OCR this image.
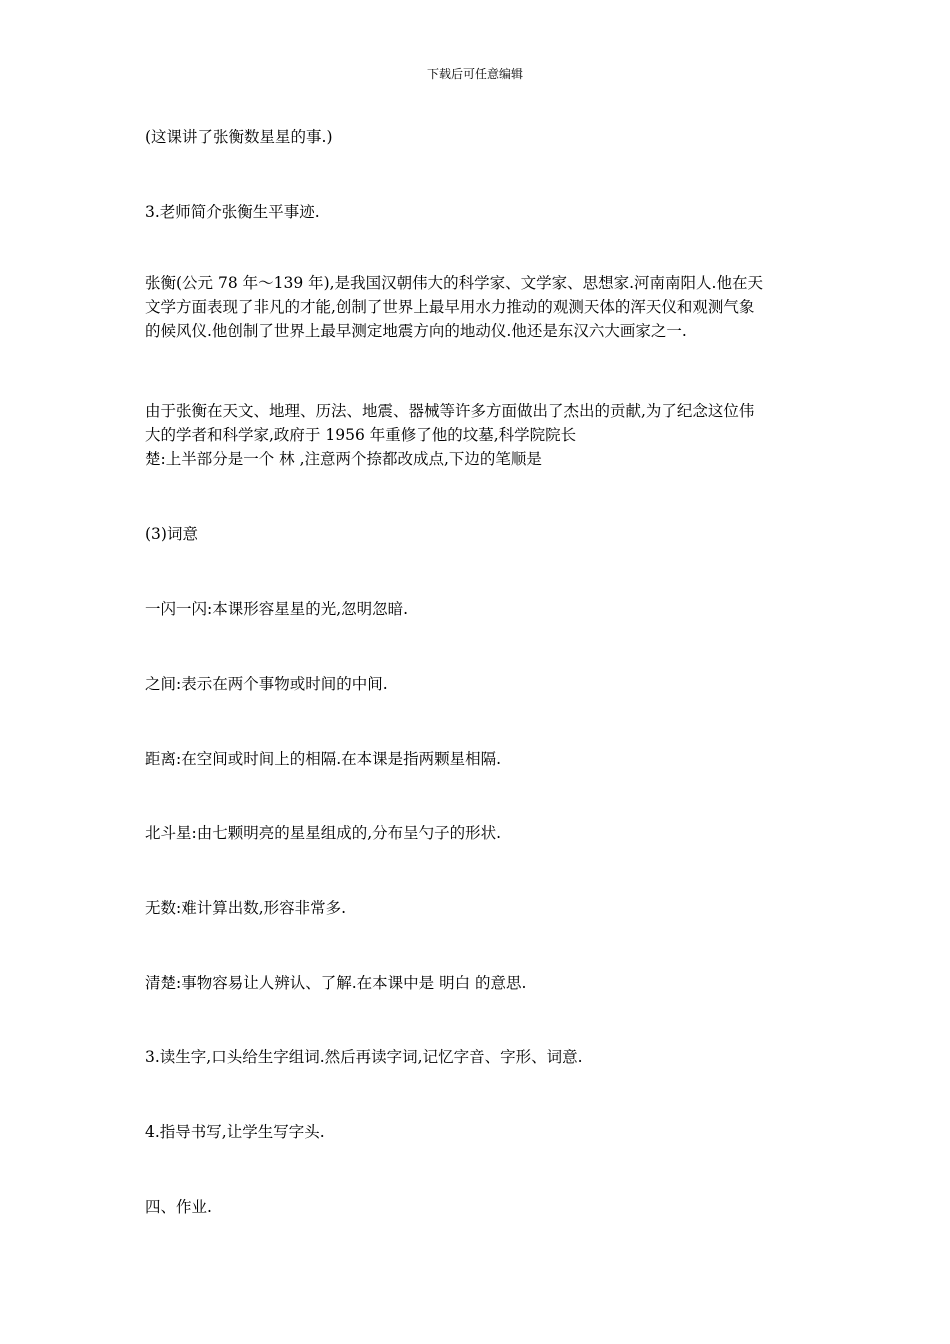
下载后可任意编辑
(这课讲了张衡数星星的事.)
3.老师简介张衡生平事迹.
张衡(公元 78 年～139 年),是我国汉朝伟大的科学家、文学家、思想家.河南南阳人.他在天
文学方面表现了非凡的才能,创制了世界上最早用水力推动的观测天体的浑天仪和观测气象
的候风仪.他创制了世界上最早测定地震方向的地动仪.他还是东汉六大画家之一.
由于张衡在天文、地理、历法、地震、器械等许多方面做出了杰出的贡献,为了纪念这位伟
大的学者和科学家,政府于 1956 年重修了他的坟墓,科学院院长
楚:上半部分是一个 林 ,注意两个捺都改成点,下边的笔顺是
(3)词意
一闪一闪:本课形容星星的光,忽明忽暗.
之间:表示在两个事物或时间的中间.
距离:在空间或时间上的相隔.在本课是指两颗星相隔.
北斗星:由七颗明亮的星星组成的,分布呈勺子的形状.
无数:难计算出数,形容非常多.
清楚:事物容易让人辨认、了解.在本课中是 明白 的意思.
3.读生字,口头给生字组词.然后再读字词,记忆字音、字形、词意.
4.指导书写,让学生写字头.
四、作业.
